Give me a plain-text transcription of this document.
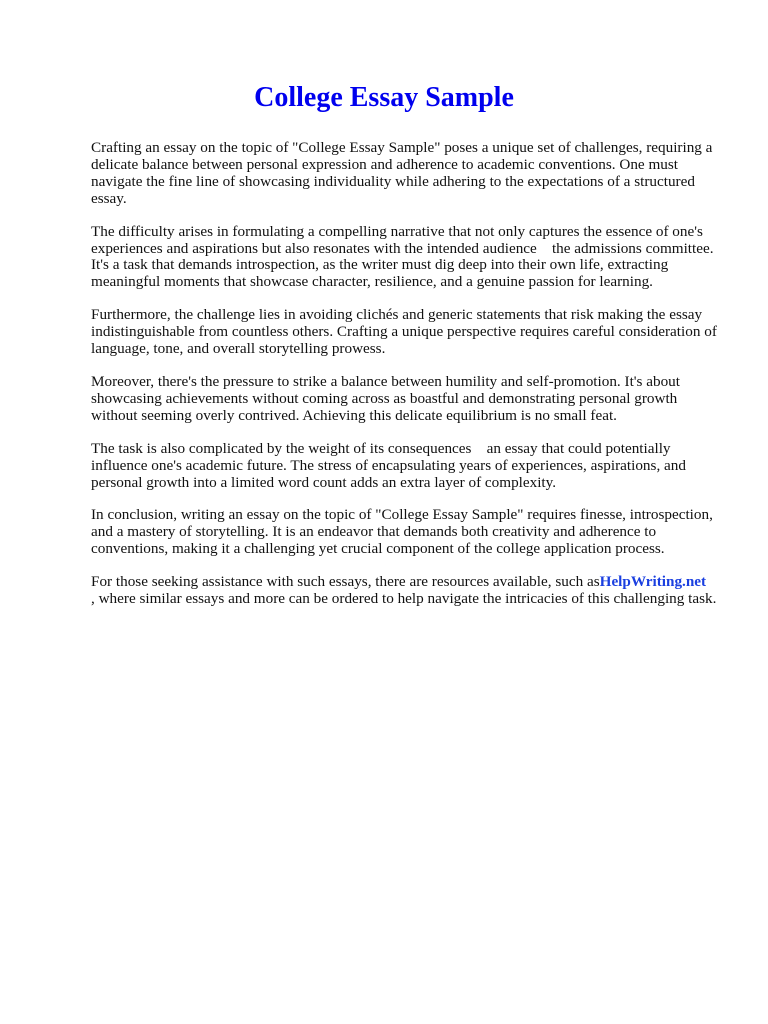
College Essay Sample

Crafting an essay on the topic of "College Essay Sample" poses a unique set of challenges, requiring a delicate balance between personal expression and adherence to academic conventions. One must navigate the fine line of showcasing individuality while adhering to the expectations of a structured essay.

The difficulty arises in formulating a compelling narrative that not only captures the essence of one's experiences and aspirations but also resonates with the intended audience    the admissions committee. It's a task that demands introspection, as the writer must dig deep into their own life, extracting meaningful moments that showcase character, resilience, and a genuine passion for learning.

Furthermore, the challenge lies in avoiding clichés and generic statements that risk making the essay indistinguishable from countless others. Crafting a unique perspective requires careful consideration of language, tone, and overall storytelling prowess.

Moreover, there's the pressure to strike a balance between humility and self-promotion. It's about showcasing achievements without coming across as boastful and demonstrating personal growth without seeming overly contrived. Achieving this delicate equilibrium is no small feat.

The task is also complicated by the weight of its consequences    an essay that could potentially influence one's academic future. The stress of encapsulating years of experiences, aspirations, and personal growth into a limited word count adds an extra layer of complexity.

In conclusion, writing an essay on the topic of "College Essay Sample" requires finesse, introspection, and a mastery of storytelling. It is an endeavor that demands both creativity and adherence to conventions, making it a challenging yet crucial component of the college application process.

For those seeking assistance with such essays, there are resources available, such asHelpWriting.net
, where similar essays and more can be ordered to help navigate the intricacies of this challenging task.
